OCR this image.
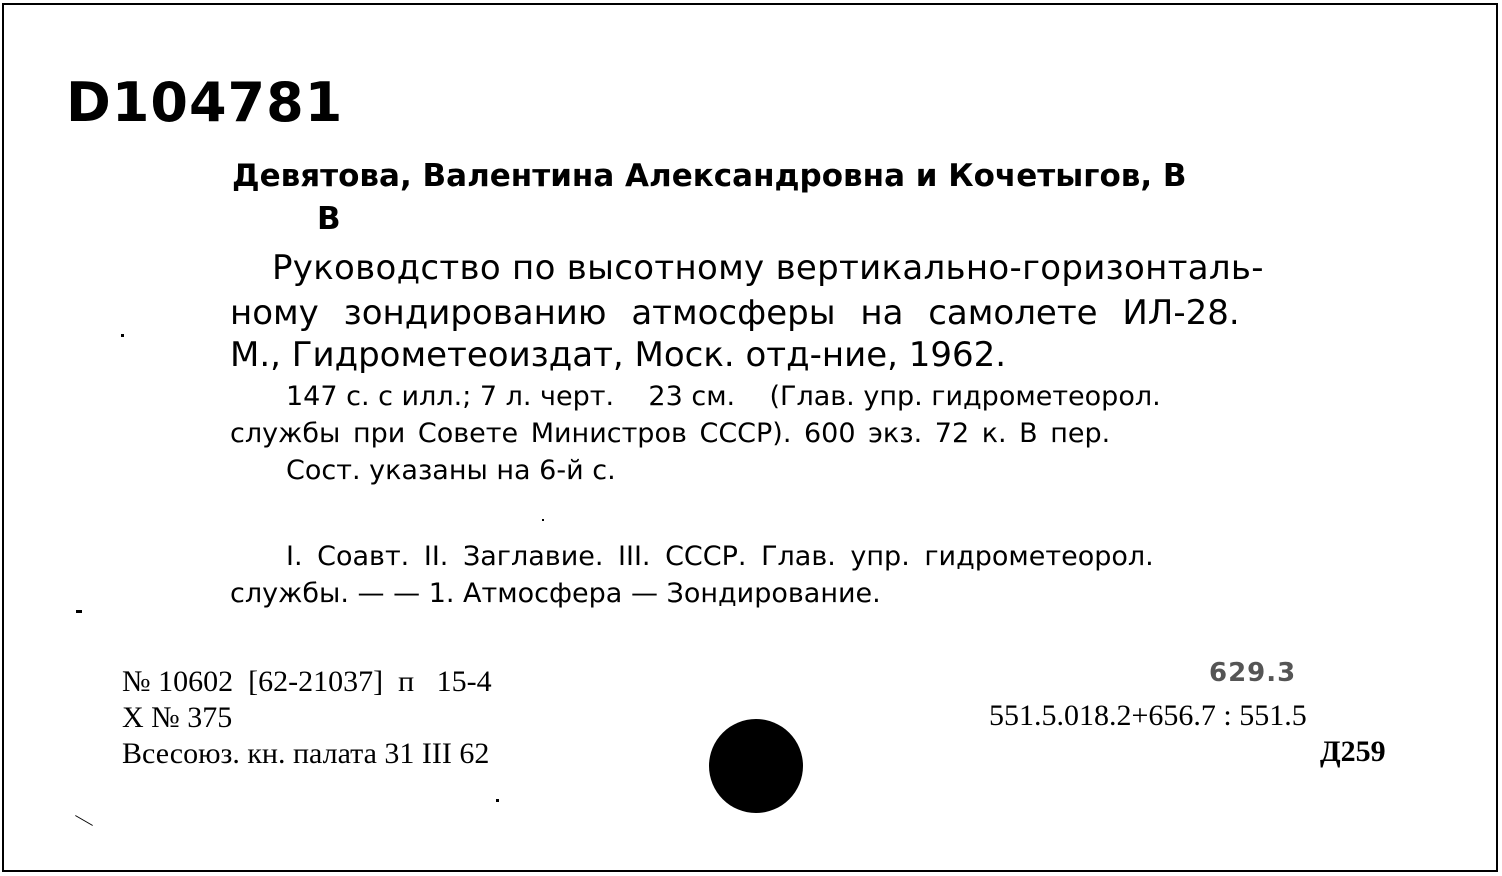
D104781
Девятова, Валентина Александровна и Кочетыгов, В
В
Руководство по высотному вертикально-горизонталь-
ному зондированию атмосферы на самолете ИЛ-28.
М., Гидрометеоиздат, Моск. отд-ние, 1962.
147 с. с илл.; 7 л. черт.    23 см.    (Глав. упр. гидрометеорол.
службы при Совете Министров СССР). 600 экз. 72 к. В пер.
Сост. указаны на 6-й с.
I. Соавт. II. Заглавие. III. СССР. Глав. упр. гидрометеорол.
службы. — — 1. Атмосфера — Зондирование.
№ 10602  [62-21037]  п   15-4
X № 375
Всесоюз. кн. палата 31 III 62
629.3
551.5.018.2+656.7 : 551.5
Д259
